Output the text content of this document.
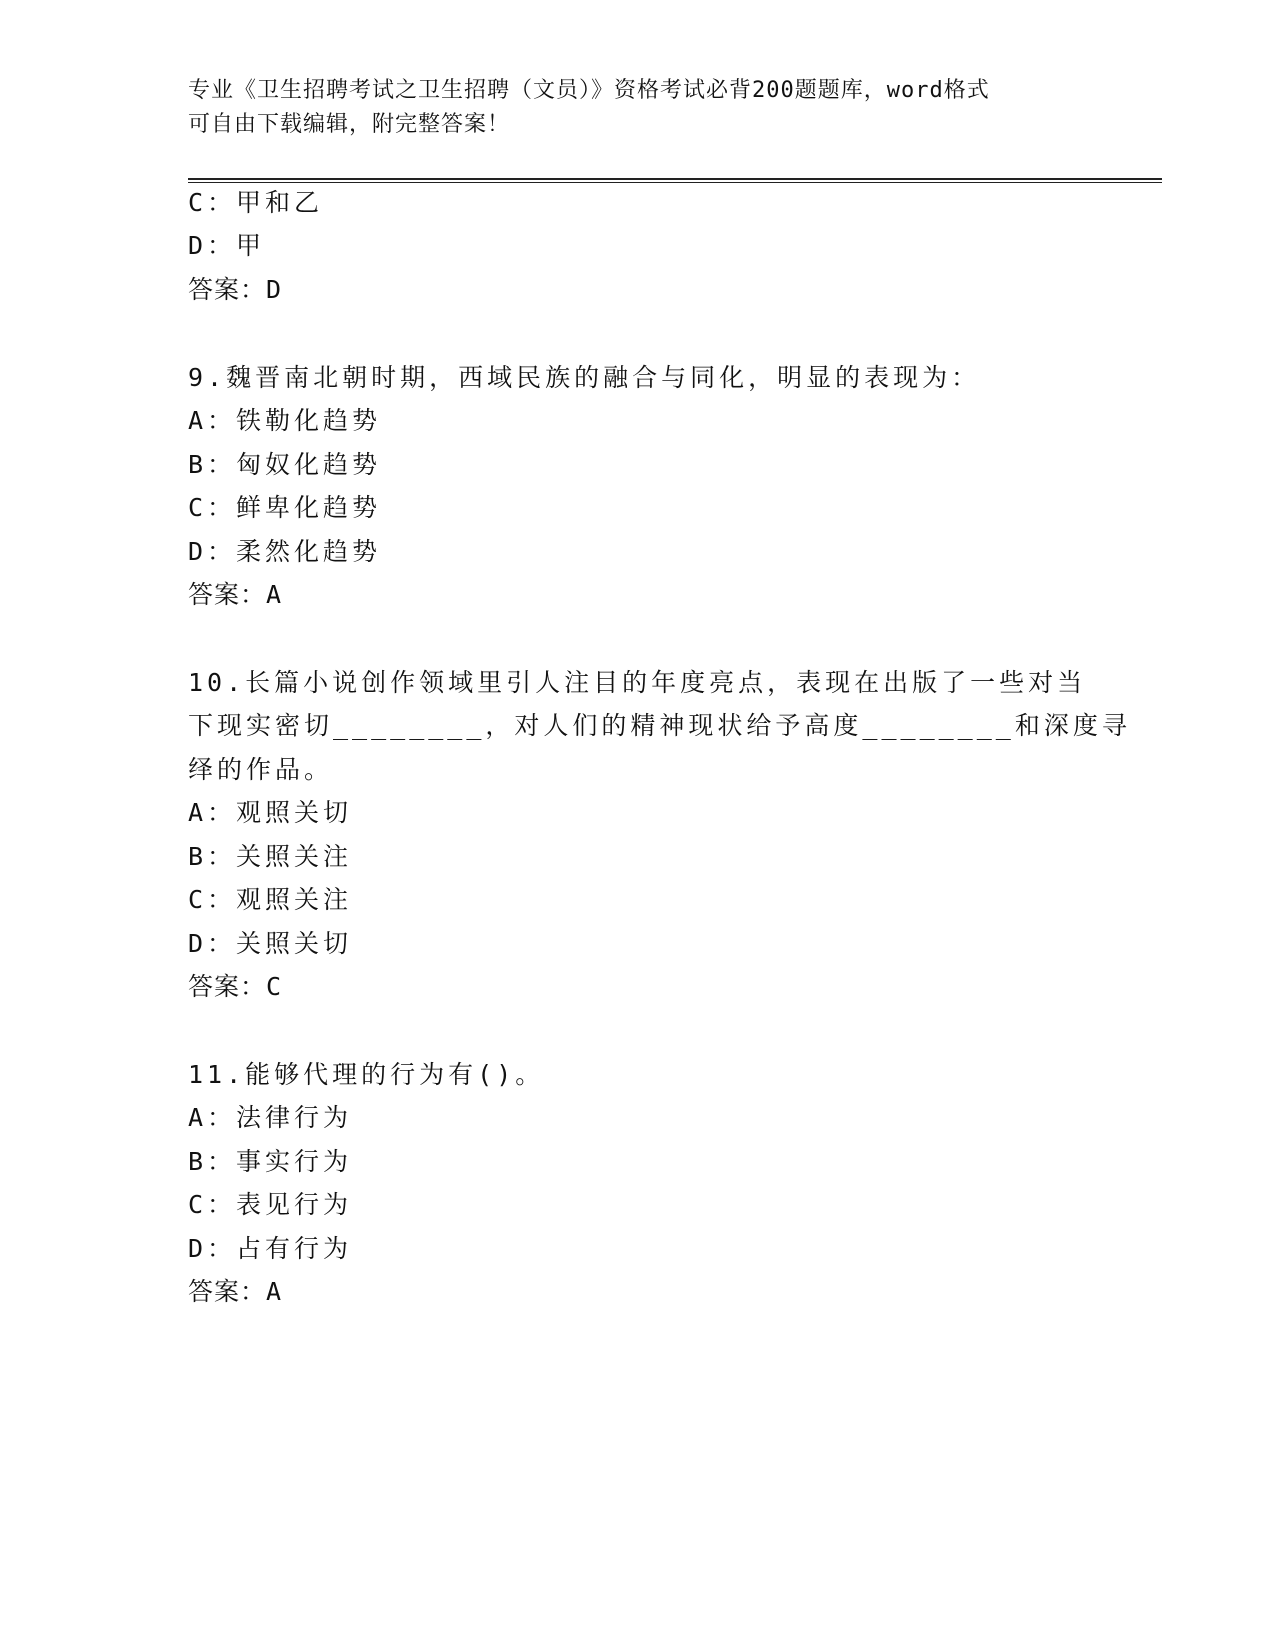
专业《卫生招聘考试之卫生招聘（文员）》资格考试必背200题题库，word格式
可自由下载编辑，附完整答案！
C：甲和乙
D：甲
答案：D
9.魏晋南北朝时期，西域民族的融合与同化，明显的表现为：
A：铁勒化趋势
B：匈奴化趋势
C：鲜卑化趋势
D：柔然化趋势
答案：A
10.长篇小说创作领域里引人注目的年度亮点，表现在出版了一些对当
下现实密切________，对人们的精神现状给予高度________和深度寻
绎的作品。
A：观照关切
B：关照关注
C：观照关注
D：关照关切
答案：C
11.能够代理的行为有()。
A：法律行为
B：事实行为
C：表见行为
D：占有行为
答案：A
